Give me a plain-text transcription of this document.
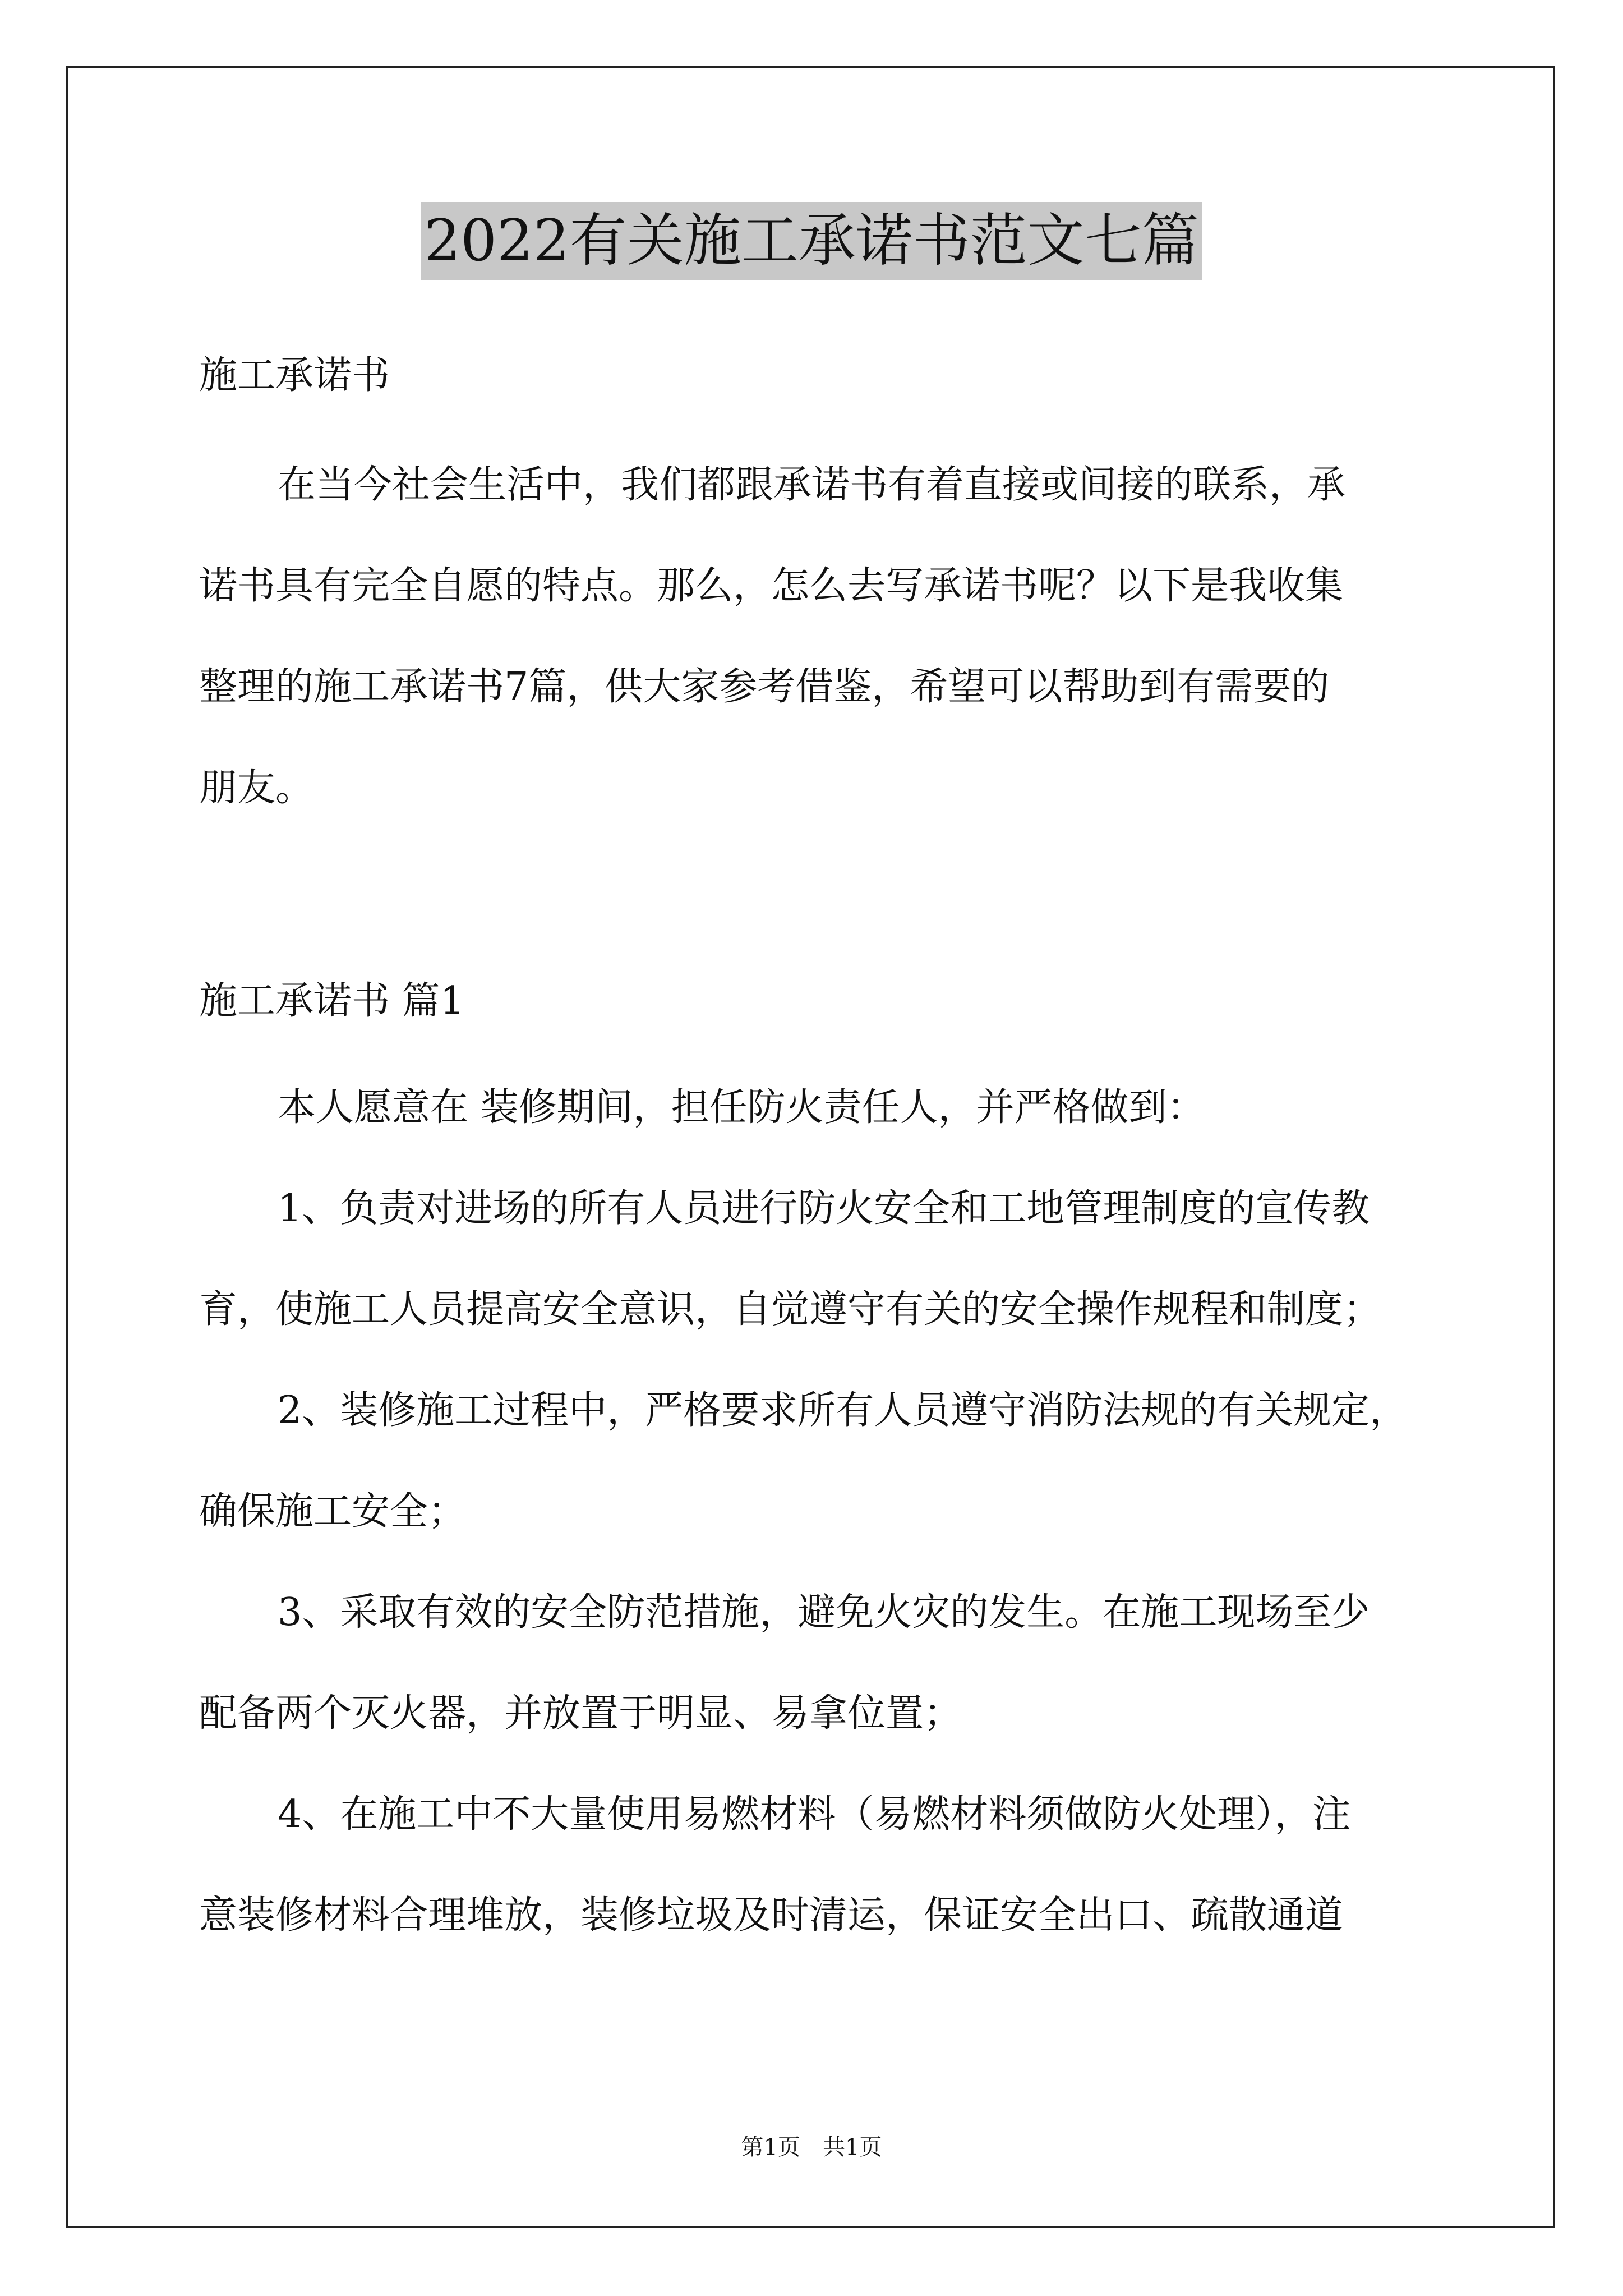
2022有关施工承诺书范文七篇
施工承诺书
在当今社会生活中，我们都跟承诺书有着直接或间接的联系，承
诺书具有完全自愿的特点。那么，怎么去写承诺书呢？以下是我收集
整理的施工承诺书7篇，供大家参考借鉴，希望可以帮助到有需要的
朋友。
施工承诺书 篇1
本人愿意在 装修期间，担任防火责任人，并严格做到：
1、负责对进场的所有人员进行防火安全和工地管理制度的宣传教
育，使施工人员提高安全意识，自觉遵守有关的安全操作规程和制度；
2、装修施工过程中，严格要求所有人员遵守消防法规的有关规定，
确保施工安全；
3、采取有效的安全防范措施，避免火灾的发生。在施工现场至少
配备两个灭火器，并放置于明显、易拿位置；
4、在施工中不大量使用易燃材料（易燃材料须做防火处理），注
意装修材料合理堆放，装修垃圾及时清运，保证安全出口、疏散通道
第1页 共1页
